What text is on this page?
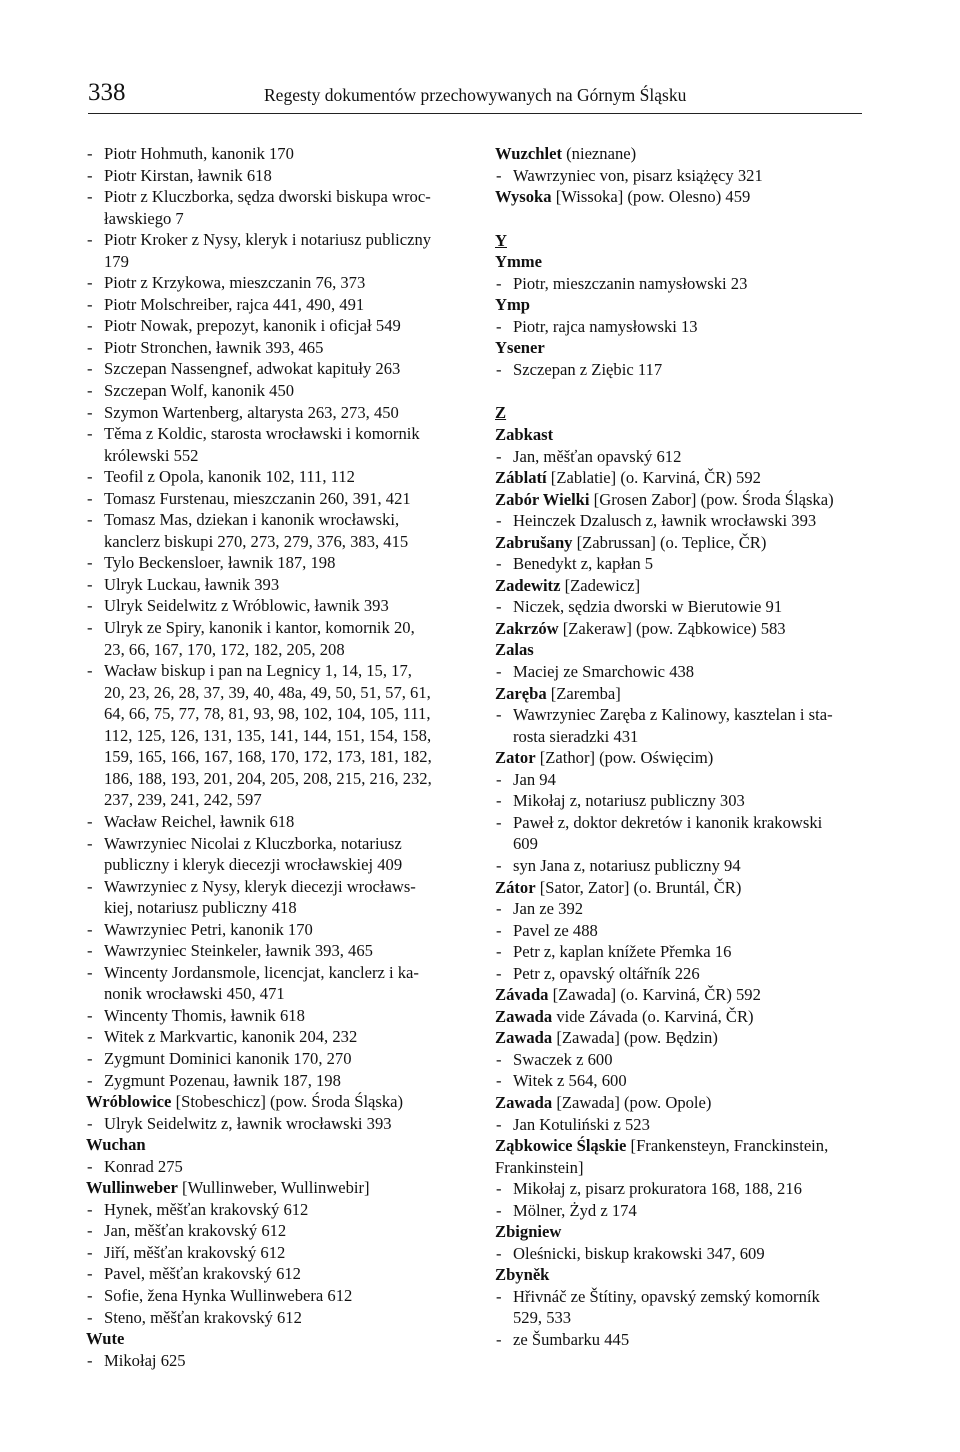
338	Regesty dokumentów przechowywanych na Górnym Śląsku
- Piotr Hohmuth, kanonik 170
- Piotr Kirstan, ławnik 618
- Piotr z Kluczborka, sędza dworski biskupa wroc-
ławskiego 7
- Piotr Kroker z Nysy, kleryk i notariusz publiczny
179
- Piotr z Krzykowa, mieszczanin 76, 373
- Piotr Molschreiber, rajca 441, 490, 491
- Piotr Nowak, prepozyt, kanonik i oficjał 549
- Piotr Stronchen, ławnik 393, 465
- Szczepan Nassengnef, adwokat kapituły 263
- Szczepan Wolf, kanonik 450
- Szymon Wartenberg, altarysta 263, 273, 450
- Těma z Koldic, starosta wrocławski i komornik
królewski 552
- Teofil z Opola, kanonik 102, 111, 112
- Tomasz Furstenau, mieszczanin 260, 391, 421
- Tomasz Mas, dziekan i kanonik wrocławski,
kanclerz biskupi 270, 273, 279, 376, 383, 415
- Tylo Beckensloer, ławnik 187, 198
- Ulryk Luckau, ławnik 393
- Ulryk Seidelwitz z Wróblowic, ławnik 393
- Ulryk ze Spiry, kanonik i kantor, komornik 20,
23, 66, 167, 170, 172, 182, 205, 208
- Wacław biskup i pan na Legnicy 1, 14, 15, 17,
20, 23, 26, 28, 37, 39, 40, 48a, 49, 50, 51, 57, 61,
64, 66, 75, 77, 78, 81, 93, 98, 102, 104, 105, 111,
112, 125, 126, 131, 135, 141, 144, 151, 154, 158,
159, 165, 166, 167, 168, 170, 172, 173, 181, 182,
186, 188, 193, 201, 204, 205, 208, 215, 216, 232,
237, 239, 241, 242, 597
- Wacław Reichel, ławnik 618
- Wawrzyniec Nicolai z Kluczborka, notariusz
publiczny i kleryk diecezji wrocławskiej 409
- Wawrzyniec z Nysy, kleryk diecezji wrocławs-
kiej, notariusz publiczny 418
- Wawrzyniec Petri, kanonik 170
- Wawrzyniec Steinkeler, ławnik 393, 465
- Wincenty Jordansmole, licencjat, kanclerz i ka-
nonik wrocławski 450, 471
- Wincenty Thomis, ławnik 618
- Witek z Markvartic, kanonik 204, 232
- Zygmunt Dominici kanonik 170, 270
- Zygmunt Pozenau, ławnik 187, 198
Wróblowice [Stobeschicz] (pow. Środa Śląska)
- Ulryk Seidelwitz z, ławnik wrocławski 393
Wuchan
- Konrad 275
Wullinweber [Wullinweber, Wullinwebir]
- Hynek, měšťan krakovský 612
- Jan, měšťan krakovský 612
- Jiří, měšťan krakovský 612
- Pavel, měšťan krakovský 612
- Sofie, žena Hynka Wullinwebera 612
- Steno, měšťan krakovský 612
Wute
- Mikołaj 625
Wuzchlet (nieznane)
- Wawrzyniec von, pisarz książęcy 321
Wysoka [Wissoka] (pow. Olesno) 459
Y
Ymme
- Piotr, mieszczanin namysłowski 23
Ymp
- Piotr, rajca namysłowski 13
Ysener
- Szczepan z Ziębic 117
Z
Zabkast
- Jan, měšťan opavský 612
Záblatí [Zablatie] (o. Karviná, ČR) 592
Zabór Wielki [Grosen Zabor] (pow. Środa Śląska)
- Heinczek Dzalusch z, ławnik wrocławski 393
Zabrušany [Zabrussan] (o. Teplice, ČR)
- Benedykt z, kapłan 5
Zadewitz [Zadewicz]
- Niczek, sędzia dworski w Bierutowie 91
Zakrzów [Zakeraw] (pow. Ząbkowice) 583
Zalas
- Maciej ze Smarchowic 438
Zaręba [Zaremba]
- Wawrzyniec Zaręba z Kalinowy, kasztelan i sta-
rosta sieradzki 431
Zator [Zathor] (pow. Oświęcim)
- Jan 94
- Mikołaj z, notariusz publiczny 303
- Paweł z, doktor dekretów i kanonik krakowski
609
- syn Jana z, notariusz publiczny 94
Zátor [Sator, Zator] (o. Bruntál, ČR)
- Jan ze 392
- Pavel ze 488
- Petr z, kaplan knížete Přemka 16
- Petr z, opavský oltářník 226
Závada [Zawada] (o. Karviná, ČR) 592
Zawada vide Závada (o. Karviná, ČR)
Zawada [Zawada] (pow. Będzin)
- Swaczek z 600
- Witek z 564, 600
Zawada [Zawada] (pow. Opole)
- Jan Kotuliński z 523
Ząbkowice Śląskie [Frankensteyn, Franckinstein,
Frankinstein]
- Mikołaj z, pisarz prokuratora 168, 188, 216
- Mölner, Żyd z 174
Zbigniew
- Oleśnicki, biskup krakowski 347, 609
Zbyněk
- Hřivnáč ze Štítiny, opavský zemský komorník
529, 533
- ze Šumbarku 445
